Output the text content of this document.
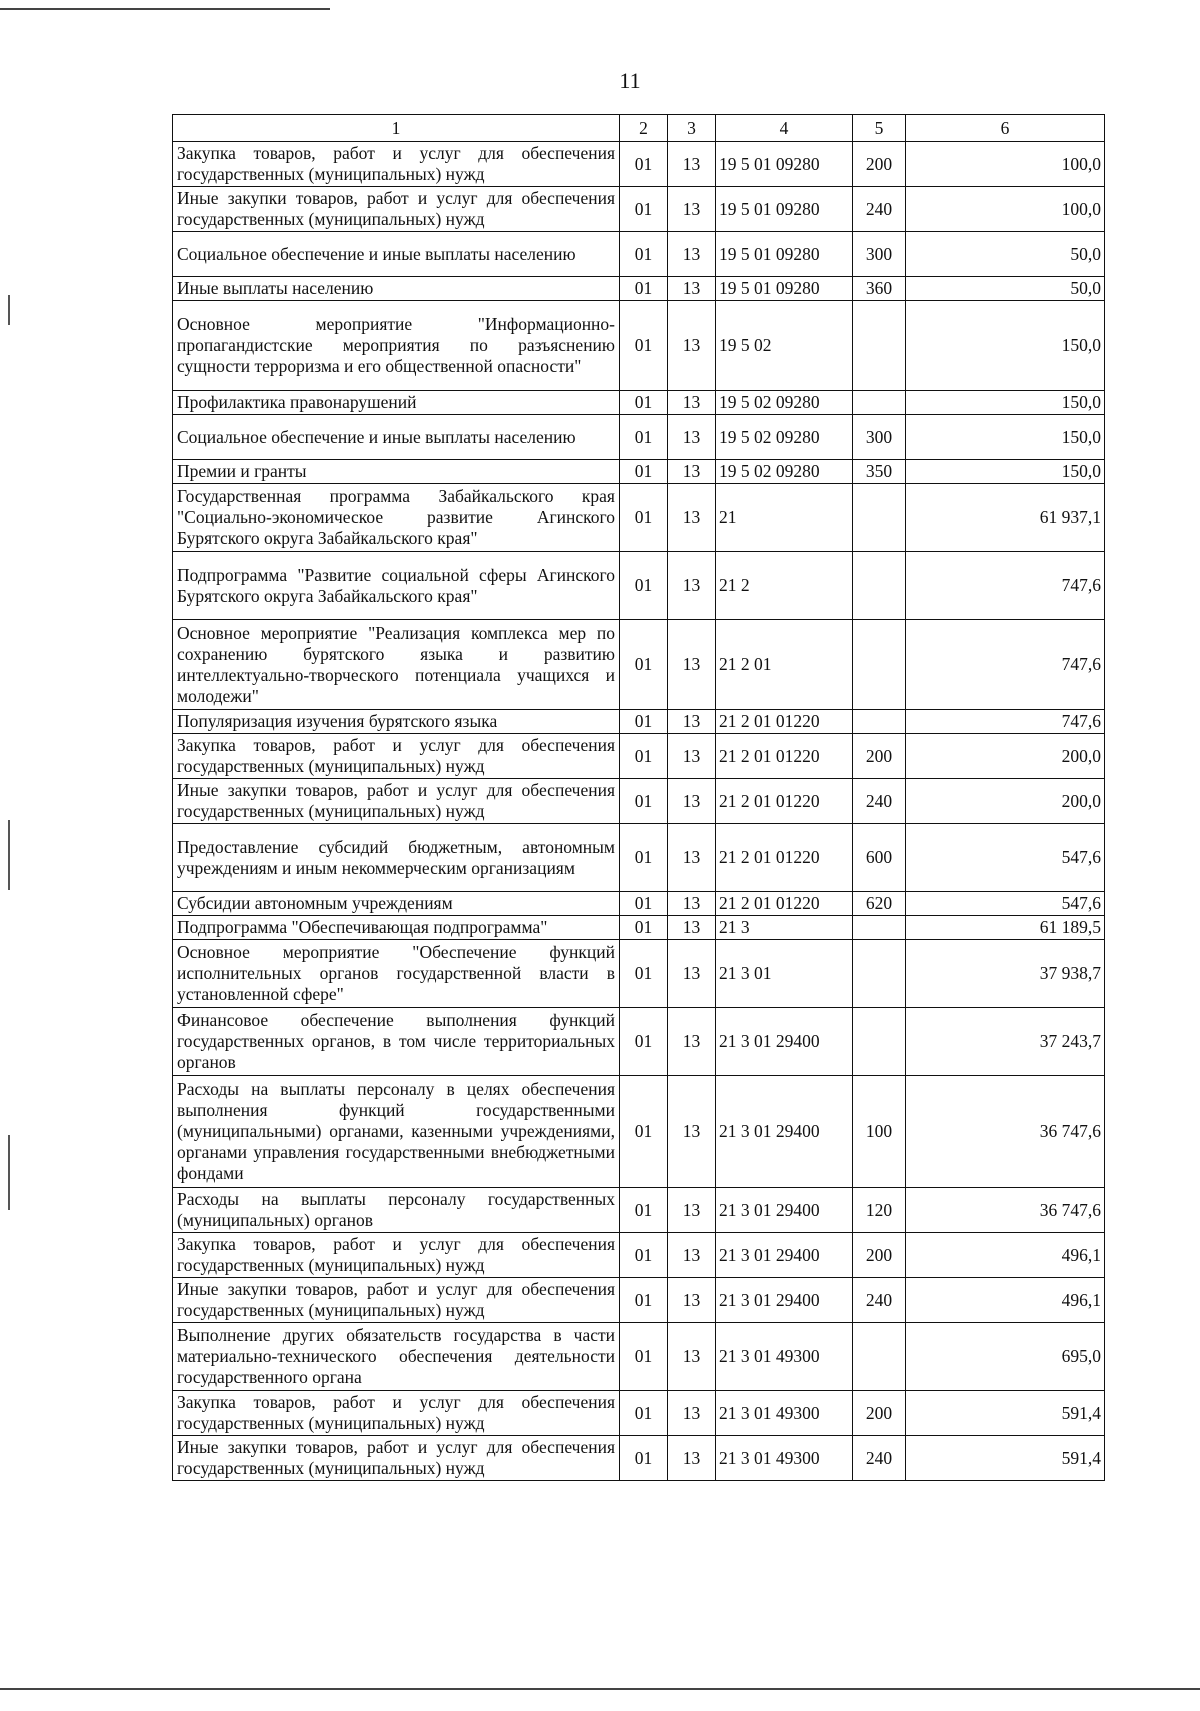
11
1	2	3	4	5	6
Закупка товаров, работ и услуг для обеспечения государственных (муниципальных) нужд	01	13	19 5 01 09280	200	100,0
Иные закупки товаров, работ и услуг для обеспечения государственных (муниципальных) нужд	01	13	19 5 01 09280	240	100,0
Социальное обеспечение и иные выплаты населению	01	13	19 5 01 09280	300	50,0
Иные выплаты населению	01	13	19 5 01 09280	360	50,0
Основное мероприятие "Информационно-пропагандистские мероприятия по разъяснению сущности терроризма и его общественной опасности"	01	13	19 5 02		150,0
Профилактика правонарушений	01	13	19 5 02 09280		150,0
Социальное обеспечение и иные выплаты населению	01	13	19 5 02 09280	300	150,0
Премии и гранты	01	13	19 5 02 09280	350	150,0
Государственная программа Забайкальского края "Социально-экономическое развитие Агинского Бурятского округа Забайкальского края"	01	13	21		61 937,1
Подпрограмма "Развитие социальной сферы Агинского Бурятского округа Забайкальского края"	01	13	21 2		747,6
Основное мероприятие "Реализация комплекса мер по сохранению бурятского языка и развитию интеллектуально-творческого потенциала учащихся и молодежи"	01	13	21 2 01		747,6
Популяризация изучения бурятского языка	01	13	21 2 01 01220		747,6
Закупка товаров, работ и услуг для обеспечения государственных (муниципальных) нужд	01	13	21 2 01 01220	200	200,0
Иные закупки товаров, работ и услуг для обеспечения государственных (муниципальных) нужд	01	13	21 2 01 01220	240	200,0
Предоставление субсидий бюджетным, автономным учреждениям и иным некоммерческим организациям	01	13	21 2 01 01220	600	547,6
Субсидии автономным учреждениям	01	13	21 2 01 01220	620	547,6
Подпрограмма "Обеспечивающая подпрограмма"	01	13	21 3		61 189,5
Основное мероприятие "Обеспечение функций исполнительных органов государственной власти в установленной сфере"	01	13	21 3 01		37 938,7
Финансовое обеспечение выполнения функций государственных органов, в том числе территориальных органов	01	13	21 3 01 29400		37 243,7
Расходы на выплаты персоналу в целях обеспечения выполнения функций государственными (муниципальными) органами, казенными учреждениями, органами управления государственными внебюджетными фондами	01	13	21 3 01 29400	100	36 747,6
Расходы на выплаты персоналу государственных (муниципальных) органов	01	13	21 3 01 29400	120	36 747,6
Закупка товаров, работ и услуг для обеспечения государственных (муниципальных) нужд	01	13	21 3 01 29400	200	496,1
Иные закупки товаров, работ и услуг для обеспечения государственных (муниципальных) нужд	01	13	21 3 01 29400	240	496,1
Выполнение других обязательств государства в части материально-технического обеспечения деятельности государственного органа	01	13	21 3 01 49300		695,0
Закупка товаров, работ и услуг для обеспечения государственных (муниципальных) нужд	01	13	21 3 01 49300	200	591,4
Иные закупки товаров, работ и услуг для обеспечения государственных (муниципальных) нужд	01	13	21 3 01 49300	240	591,4
